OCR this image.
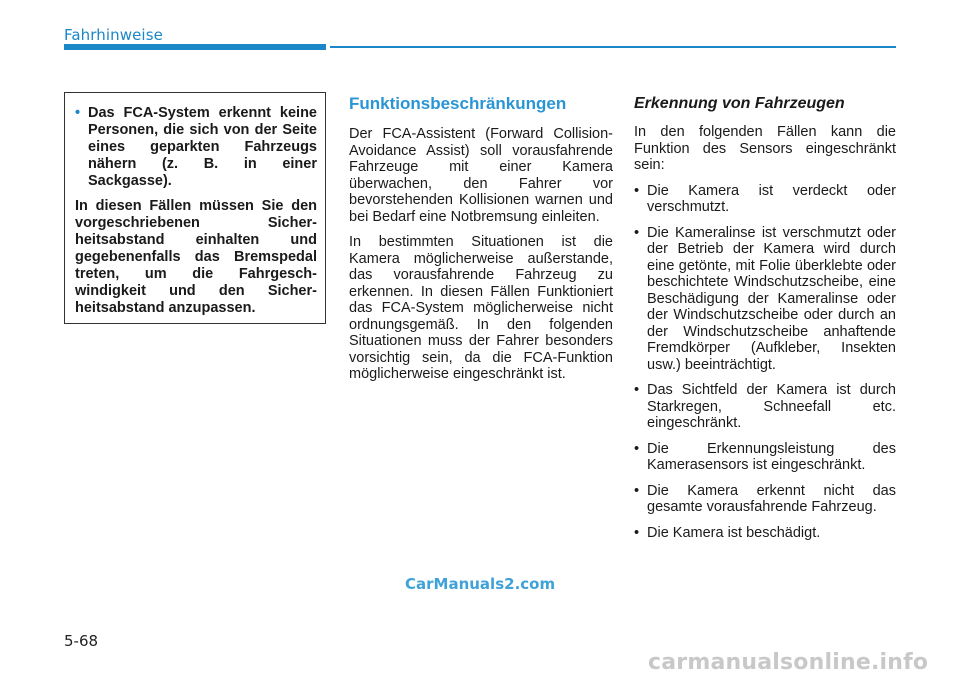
Fahrhinweise
• Das FCA-System erkennt keine Personen, die sich von der Seite eines geparkten Fahrzeugs nähern (z. B. in einer Sackgasse).
In diesen Fällen müssen Sie den vorgeschriebenen Sicherheitsabstand einhalten und gegebenenfalls das Bremspedal treten, um die Fahrgeschwindigkeit und den Sicherheitsabstand anzupassen.
Funktionsbeschränkungen
Der FCA-Assistent (Forward Collision-Avoidance Assist) soll vorausfahrende Fahrzeuge mit einer Kamera überwachen, den Fahrer vor bevorstehenden Kollisionen warnen und bei Bedarf eine Notbremsung einleiten.
In bestimmten Situationen ist die Kamera möglicherweise außerstande, das vorausfahrende Fahrzeug zu erkennen. In diesen Fällen Funktioniert das FCA-System möglicherweise nicht ordnungsgemäß. In den folgenden Situationen muss der Fahrer besonders vorsichtig sein, da die FCA-Funktion möglicherweise eingeschränkt ist.
Erkennung von Fahrzeugen
In den folgenden Fällen kann die Funktion des Sensors eingeschränkt sein:
• Die Kamera ist verdeckt oder verschmutzt.
• Die Kameralinse ist verschmutzt oder der Betrieb der Kamera wird durch eine getönte, mit Folie überklebte oder beschichtete Windschutzscheibe, eine Beschädigung der Kameralinse oder der Windschutzscheibe oder durch an der Windschutzscheibe anhaftende Fremdkörper (Aufkleber, Insekten usw.) beeinträchtigt.
• Das Sichtfeld der Kamera ist durch Starkregen, Schneefall etc. eingeschränkt.
• Die Erkennungsleistung des Kamerasensors ist eingeschränkt.
• Die Kamera erkennt nicht das gesamte vorausfahrende Fahrzeug.
• Die Kamera ist beschädigt.
CarManuals2.com
5-68
carmanualsonline.info
